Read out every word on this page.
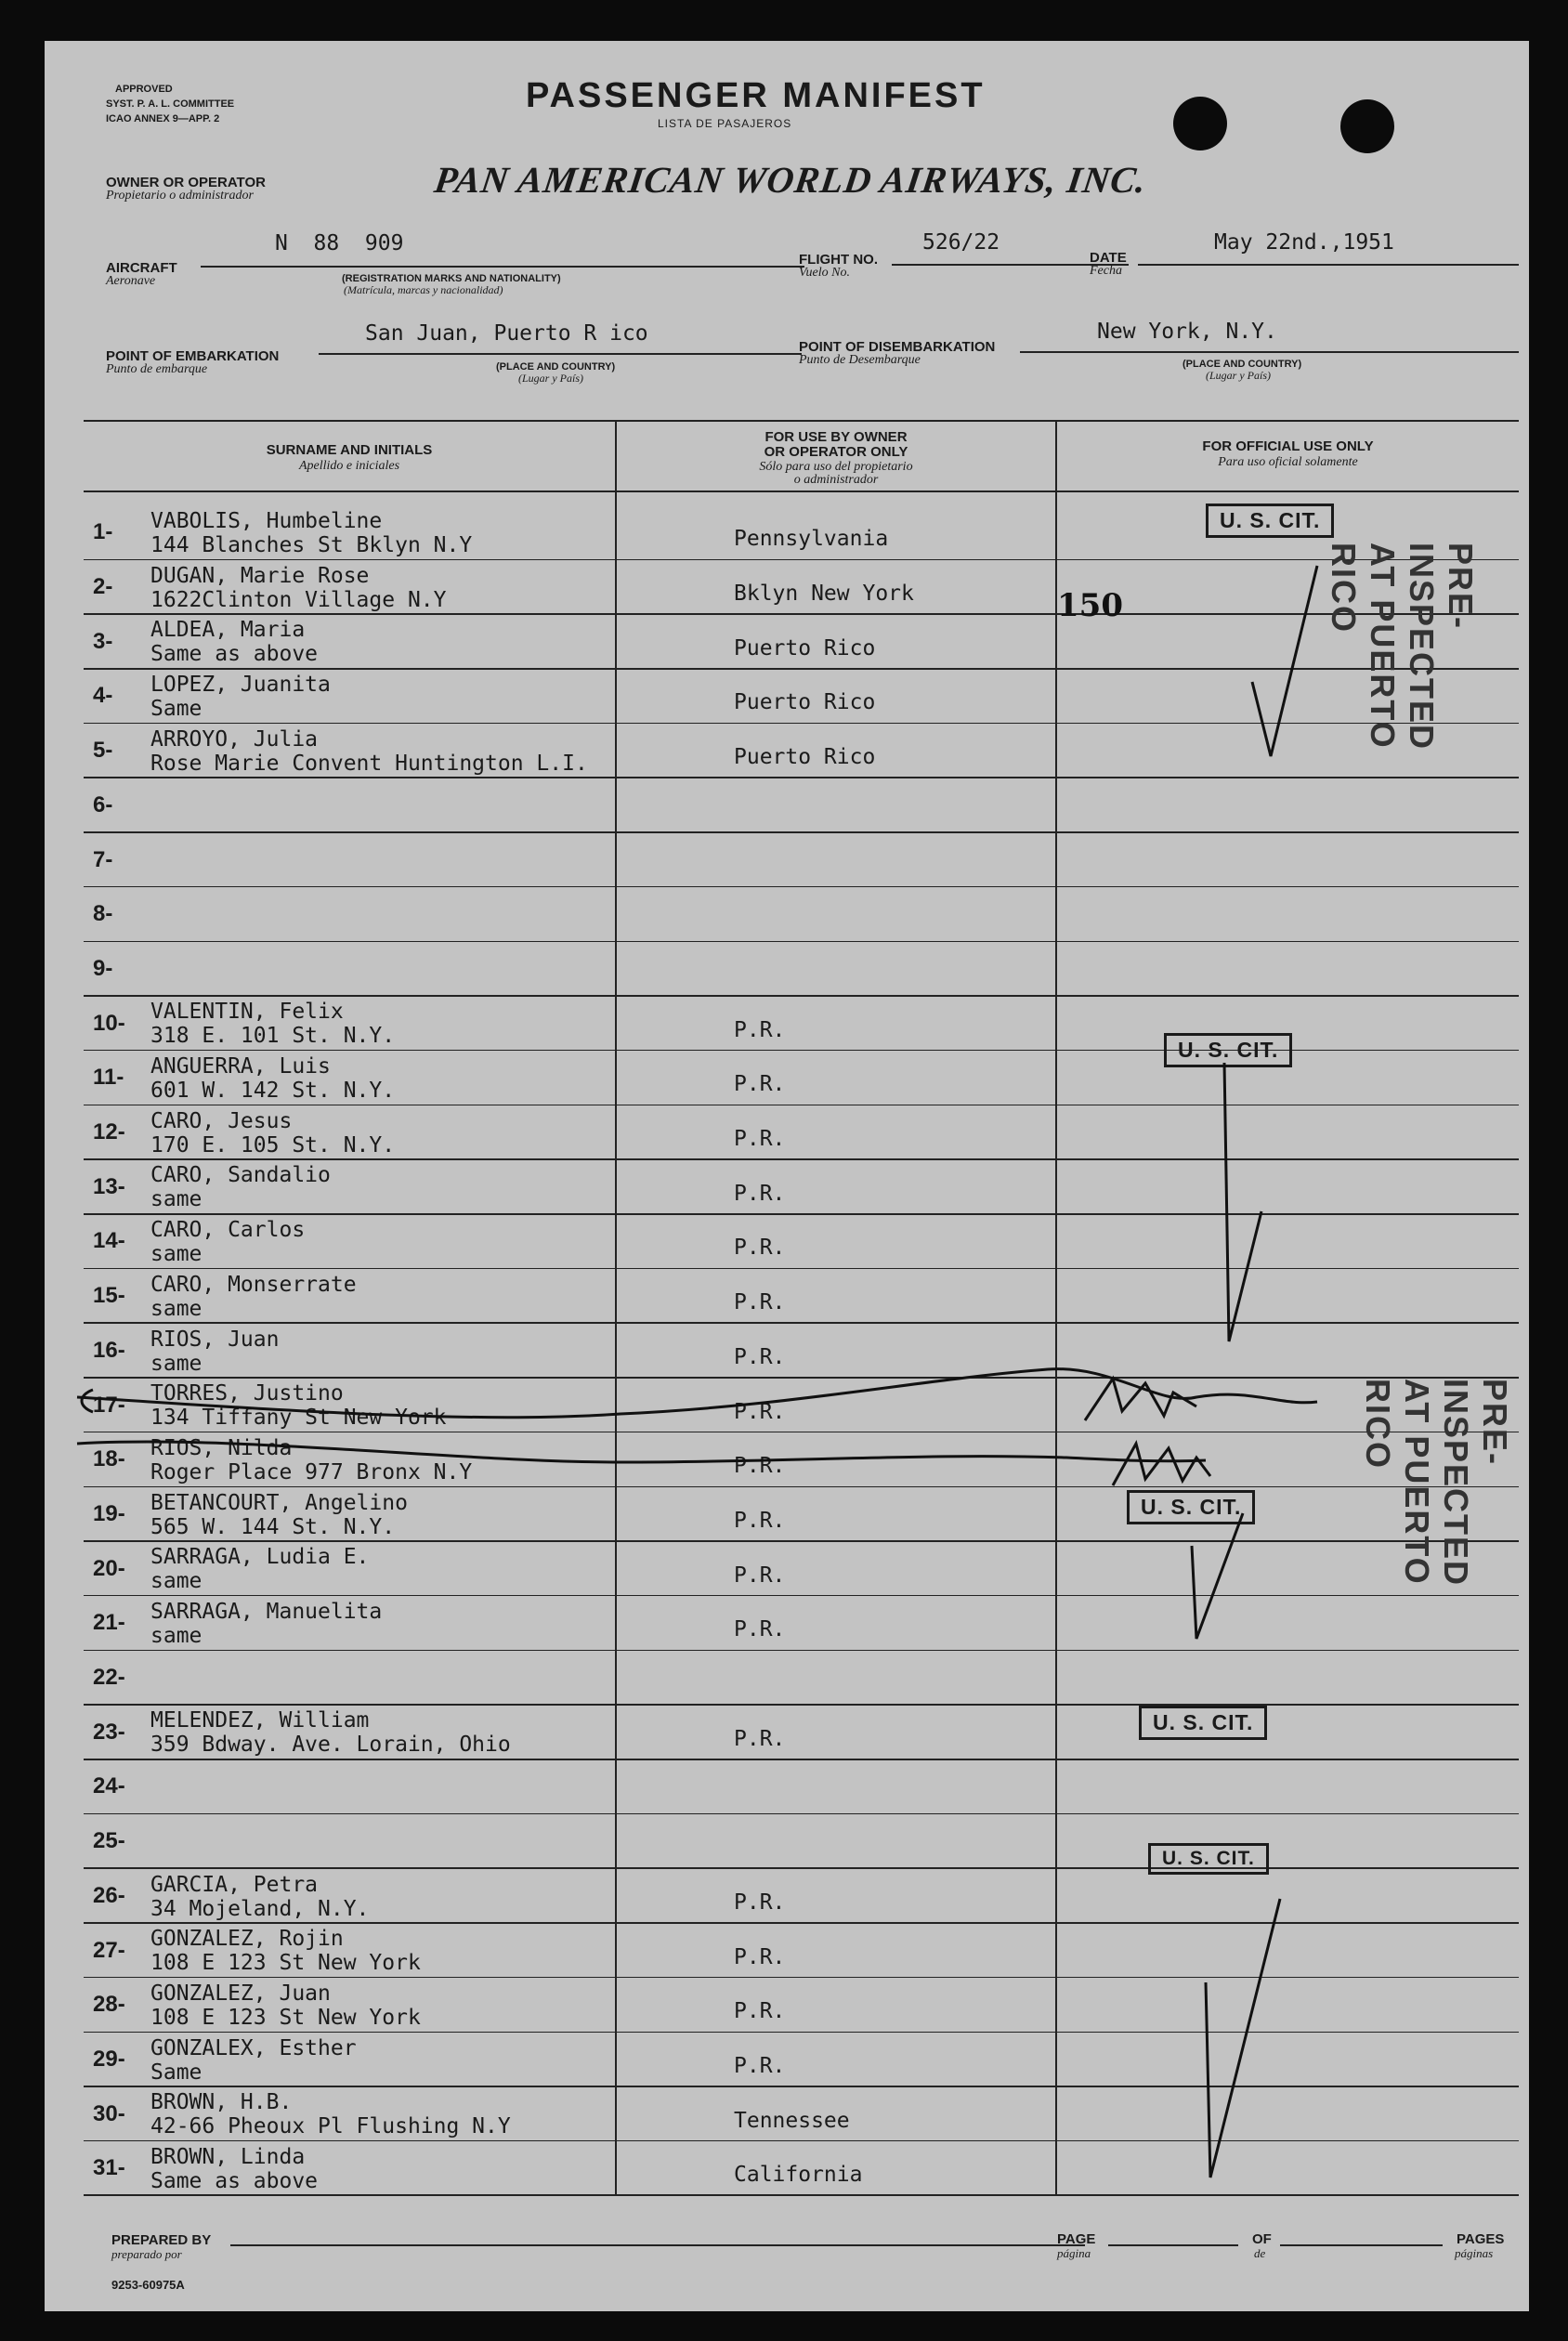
APPROVED
SYST. P. A. L. COMMITTEE
ICAO ANNEX 9—APP. 2
PASSENGER MANIFEST
LISTA DE PASAJEROS
OWNER OR OPERATOR
Propietario o administrador	PAN AMERICAN WORLD AIRWAYS, INC.
AIRCRAFT
Aeronave
N  88  909
(REGISTRATION MARKS AND NATIONALITY)
(Matrícula, marcas y nacionalidad)
FLIGHT NO.
Vuelo No.
526/22
DATE
Fecha
May 22nd.,1951
POINT OF EMBARKATION
Punto de embarque
San Juan, Puerto R ico
(PLACE AND COUNTRY)
(Lugar y País)
POINT OF DISEMBARKATION
Punto de Desembarque
New York, N.Y.
(PLACE AND COUNTRY)
(Lugar y País)
SURNAME AND INITIALS
Apellido e iniciales
FOR USE BY OWNER
OR OPERATOR ONLY
Sólo para uso del propietario
o administrador
FOR OFFICIAL USE ONLY
Para uso oficial solamente
1- VABOLIS, Humbeline
144 Blanches St Bklyn N.Y	Pennsylvania
2- DUGAN, Marie Rose
1622Clinton Village N.Y	Bklyn New York
3- ALDEA, Maria
Same as above	Puerto Rico
4- LOPEZ, Juanita
Same	Puerto Rico
5- ARROYO, Julia
Rose Marie Convent Huntington L.I.	Puerto Rico
6-
7-
8-
9-
10- VALENTIN, Felix
318 E. 101 St. N.Y.	P.R.
11- ANGUERRA, Luis
601 W. 142 St. N.Y.	P.R.
12- CARO, Jesus
170 E. 105 St. N.Y.	P.R.
13- CARO, Sandalio
same	P.R.
14- CARO, Carlos
same	P.R.
15- CARO, Monserrate
same	P.R.
16- RIOS, Juan
same	P.R.
17- TORRES, Justino
134 Tiffany St New York	P.R.
18- RIOS, Nilda
Roger Place 977 Bronx N.Y	P.R.
19- BETANCOURT, Angelino
565 W. 144 St. N.Y.	P.R.
20- SARRAGA, Ludia E.
same	P.R.
21- SARRAGA, Manuelita
same	P.R.
22-
23- MELENDEZ, William
359 Bdway. Ave. Lorain, Ohio	P.R.
24-
25-
26- GARCIA, Petra
34 Mojeland, N.Y.	P.R.
27- GONZALEZ, Rojin
108 E 123 St New York	P.R.
28- GONZALEZ, Juan
108 E 123 St New York	P.R.
29- GONZALEX, Esther
Same	P.R.
30- BROWN, H.B.
42-66 Pheoux Pl Flushing N.Y	Tennessee
31- BROWN, Linda
Same as above	California
150
U. S. CIT.
U. S. CIT.
U. S. CIT.
U. S. CIT.
U. S. CIT.
PRE-INSPECTED AT PUERTO RICO
PRE-INSPECTED AT PUERTO RICO
PREPARED BY
preparado por
PAGE
página
OF
de
PAGES
páginas
9253-60975A
